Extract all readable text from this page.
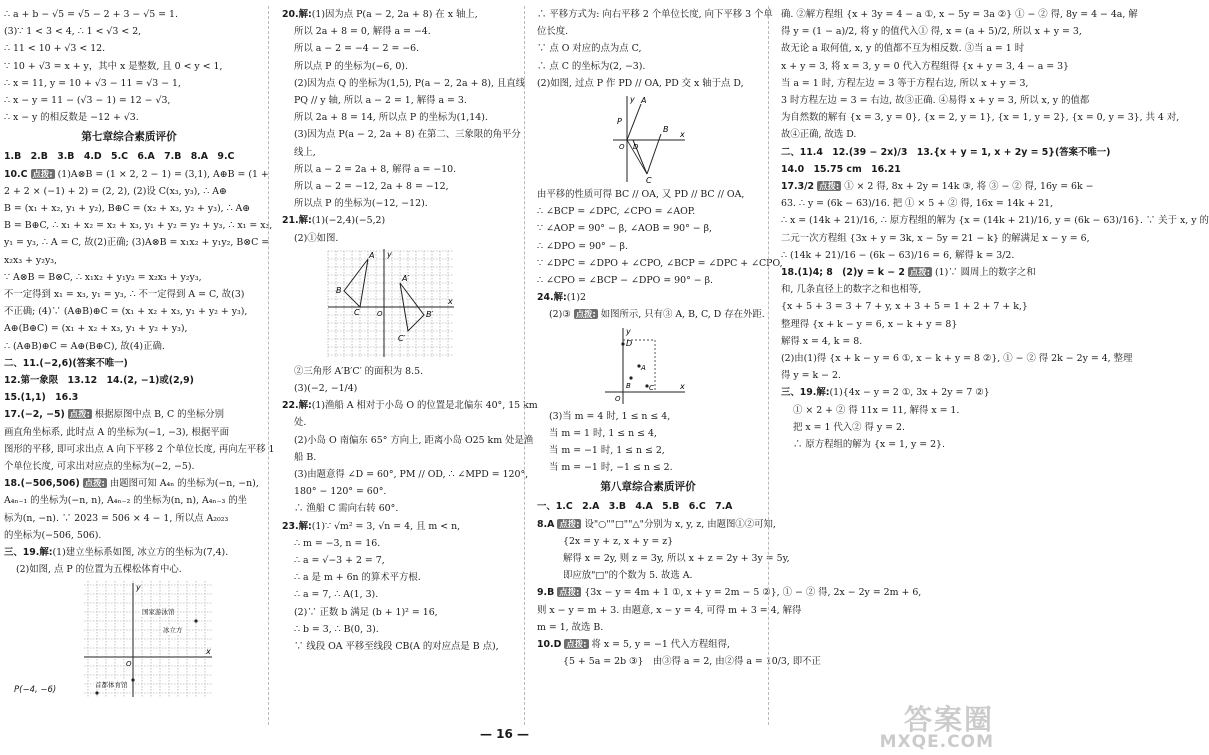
∴ a + b − √5 = √5 − 2 + 3 − √5 = 1.
(3)∵ 1 < 3 < 4, ∴ 1 < √3 < 2,
∴ 11 < 10 + √3 < 12.
∵ 10 + √3 = x + y，其中 x 是整数, 且 0 < y < 1,
∴ x = 11, y = 10 + √3 − 11 = √3 − 1,
∴ x − y = 11 − (√3 − 1) = 12 − √3,
∴ x − y 的相反数是 −12 + √3.
第七章综合素质评价
1.B　2.B　3.B　4.D　5.C　6.A　7.B　8.A　9.C
10.C 点拨: (1)A⊗B = (1 × 2, 2 − 1) = (3,1), A⊕B = (1 +
2 + 2 × (−1) + 2) = (2, 2), (2)设 C(x₃, y₃), ∴ A⊕
B = (x₁ + x₂, y₁ + y₂), B⊕C = (x₂ + x₃, y₂ + y₃), ∴ A⊕
B = B⊕C, ∴ x₁ + x₂ = x₂ + x₃, y₁ + y₂ = y₂ + y₃, ∴ x₁ = x₃,
y₁ = y₃, ∴ A = C, 故(2)正确; (3)A⊗B = x₁x₂ + y₁y₂, B⊗C =
x₂x₃ + y₂y₃,
∵ A⊗B = B⊗C, ∴ x₁x₂ + y₁y₂ = x₂x₃ + y₂y₃,
不一定得到 x₁ = x₃, y₁ = y₃, ∴ 不一定得到 A = C, 故(3)
不正确; (4)∵ (A⊕B)⊕C = (x₁ + x₂ + x₃, y₁ + y₂ + y₃),
A⊕(B⊕C) = (x₁ + x₂ + x₃, y₁ + y₂ + y₃),
∴ (A⊕B)⊕C = A⊕(B⊕C), 故(4)正确.
二、11.(−2,6)(答案不唯一)
12.第一象限　13.12　14.(2, −1)或(2,9)
15.(1,1)　16.3
17.(−2, −5) 点拨: 根据原图中点 B, C 的坐标分别
画直角坐标系, 此时点 A 的坐标为(−1, −3), 根据平面
图形的平移, 即可求出点 A 向下平移 2 个单位长度, 再向左平移 1
个单位长度, 可求出对应点的坐标为(−2, −5).
18.(−506,506) 点拨: 由题图可知 A₄ₙ 的坐标为(−n, −n),
A₄ₙ₋₁ 的坐标为(−n, n), A₄ₙ₋₂ 的坐标为(n, n), A₄ₙ₋₃ 的坐
标为(n, −n). ∵ 2023 = 506 × 4 − 1, 所以点 A₂₀₂₃
的坐标为(−506, 506).
三、19.解:(1)建立坐标系如图, 冰立方的坐标为(7,4).
(2)如图, 点 P 的位置为五棵松体育中心.
y
x
O
国家游泳馆
冰立方
首都体育馆
P(−4, −6)
20.解:(1)因为点 P(a − 2, 2a + 8) 在 x 轴上,
所以 2a + 8 = 0, 解得 a = −4.
所以 a − 2 = −4 − 2 = −6.
所以点 P 的坐标为(−6, 0).
(2)因为点 Q 的坐标为(1,5), P(a − 2, 2a + 8), 且直线
PQ // y 轴, 所以 a − 2 = 1, 解得 a = 3.
所以 2a + 8 = 14, 所以点 P 的坐标为(1,14).
(3)因为点 P(a − 2, 2a + 8) 在第二、三象限的角平分
线上,
所以 a − 2 = 2a + 8, 解得 a = −10.
所以 a − 2 = −12, 2a + 8 = −12,
所以点 P 的坐标为(−12, −12).
21.解:(1)(−2,4)(−5,2)
(2)①如图.
A
B
C
A′
B′
C′
O
y
x
②三角形 A′B′C′ 的面积为 8.5.
(3)(−2, −1/4)
22.解:(1)渔船 A 相对于小岛 O 的位置是北偏东 40°, 15 km
处.
(2)小岛 O 南偏东 65° 方向上, 距离小岛 O25 km 处是渔
船 B.
(3)由题意得 ∠D = 60°, PM // OD, ∴ ∠MPD = 120°,
180° − 120° = 60°.
∴ 渔船 C 需向右转 60°.
23.解:(1)∵ √m² = 3, √n = 4, 且 m < n,
∴ m = −3, n = 16.
∴ a = √−3 + 2 = 7,
∴ a 是 m + 6n 的算术平方根.
∴ a = 7, ∴ A(1, 3).
(2)∵ 正数 b 满足 (b + 1)² = 16,
∴ b = 3, ∴ B(0, 3).
∵ 线段 OA 平移至线段 CB(A 的对应点是 B 点),
∴ 平移方式为: 向右平移 2 个单位长度, 向下平移 3 个单
位长度.
∵ 点 O 对应的点为点 C,
∴ 点 C 的坐标为(2, −3).
(2)如图, 过点 P 作 PD // OA, PD 交 x 轴于点 D,
A
B
C
D
P
O
x
y
由平移的性质可得 BC // OA, 又 PD // BC // OA,
∴ ∠BCP = ∠DPC, ∠CPO = ∠AOP.
∵ ∠AOP = 90° − β, ∠AOB = 90° − β,
∴ ∠DPO = 90° − β.
∵ ∠DPC = ∠DPO + ∠CPO, ∠BCP = ∠DPC + ∠CPO,
∴ ∠CPO = ∠BCP − ∠DPO = 90° − β.
24.解:(1)2
(2)③ 点拨: 如图所示, 只有③ A, B, C, D 存在外距.
D
A
B	C
O
x
y
(3)当 m = 4 时, 1 ≤ n ≤ 4,
当 m = 1 时, 1 ≤ n ≤ 4,
当 m = −1 时, 1 ≤ n ≤ 2,
当 m = −1 时, −1 ≤ n ≤ 2.
第八章综合素质评价
一、1.C　2.A　3.B　4.A　5.B　6.C　7.A
8.A 点拨: 设"○""□""△"分别为 x, y, z, 由题图①②可知,
{2x = y + z, x + y = z}
解得 x = 2y, 则 z = 3y, 所以 x + z = 2y + 3y = 5y,
即应放"□"的个数为 5. 故选 A.
9.B 点拨: {3x − y = 4m + 1 ①, x + y = 2m − 5 ②}, ① − ② 得, 2x − 2y = 2m + 6,
则 x − y = m + 3. 由题意, x − y = 4, 可得 m + 3 = 4, 解得
m = 1, 故选 B.
10.D 点拨: 将 x = 5, y = −1 代入方程组得,
{5 + 5a = 2b ③}　由③得 a = 2, 由②得 a = 10/3, 即不正
确. ②解方程组 {x + 3y = 4 − a ①, x − 5y = 3a ②} ① − ② 得, 8y = 4 − 4a, 解
得 y = (1 − a)/2, 将 y 的值代入① 得, x = (a + 5)/2, 所以 x + y = 3,
故无论 a 取何值, x, y 的值都不互为相反数. ③当 a = 1 时
x + y = 3, 将 x = 3, y = 0 代入方程组得 {x + y = 3, 4 − a = 3}
当 a = 1 时, 方程左边 = 3 等于方程右边, 所以 x + y = 3,
3 时方程左边 = 3 = 右边, 故③正确. ④易得 x + y = 3, 所以 x, y 的值都
为自然数的解有 {x = 3, y = 0}, {x = 2, y = 1}, {x = 1, y = 2}, {x = 0, y = 3}, 共 4 对,
故④正确, 故选 D.
二、11.4　12.(39 − 2x)/3　13.{x + y = 1, x + 2y = 5}(答案不唯一)
14.0　15.75 cm　16.21
17.3/2 点拨: ① × 2 得, 8x + 2y = 14k ③, 将 ③ − ② 得, 16y = 6k −
63. ∴ y = (6k − 63)/16. 把 ① × 5 + ② 得, 16x = 14k + 21,
∴ x = (14k + 21)/16, ∴ 原方程组的解为 {x = (14k + 21)/16, y = (6k − 63)/16}. ∵ 关于 x, y 的
二元一次方程组 {3x + y = 3k, x − 5y = 21 − k} 的解满足 x − y = 6,
∴ (14k + 21)/16 − (6k − 63)/16 = 6, 解得 k = 3/2.
18.(1)4; 8　(2)y = k − 2 点拨: (1)∵ 圆周上的数字之和
和, 几条直径上的数字之和也相等,
{x + 5 + 3 = 3 + 7 + y, x + 3 + 5 = 1 + 2 + 7 + k,}
整理得 {x + k − y = 6, x − k + y = 8}
解得 x = 4, k = 8.
(2)由(1)得 {x + k − y = 6 ①, x − k + y = 8 ②}, ① − ② 得 2k − 2y = 4, 整理
得 y = k − 2.
三、19.解:(1){4x − y = 2 ①, 3x + 2y = 7 ②}
① × 2 + ② 得 11x = 11, 解得 x = 1.
把 x = 1 代入② 得 y = 2.
∴ 原方程组的解为 {x = 1, y = 2}.
— 16 —	答案圈
MXQE.COM
